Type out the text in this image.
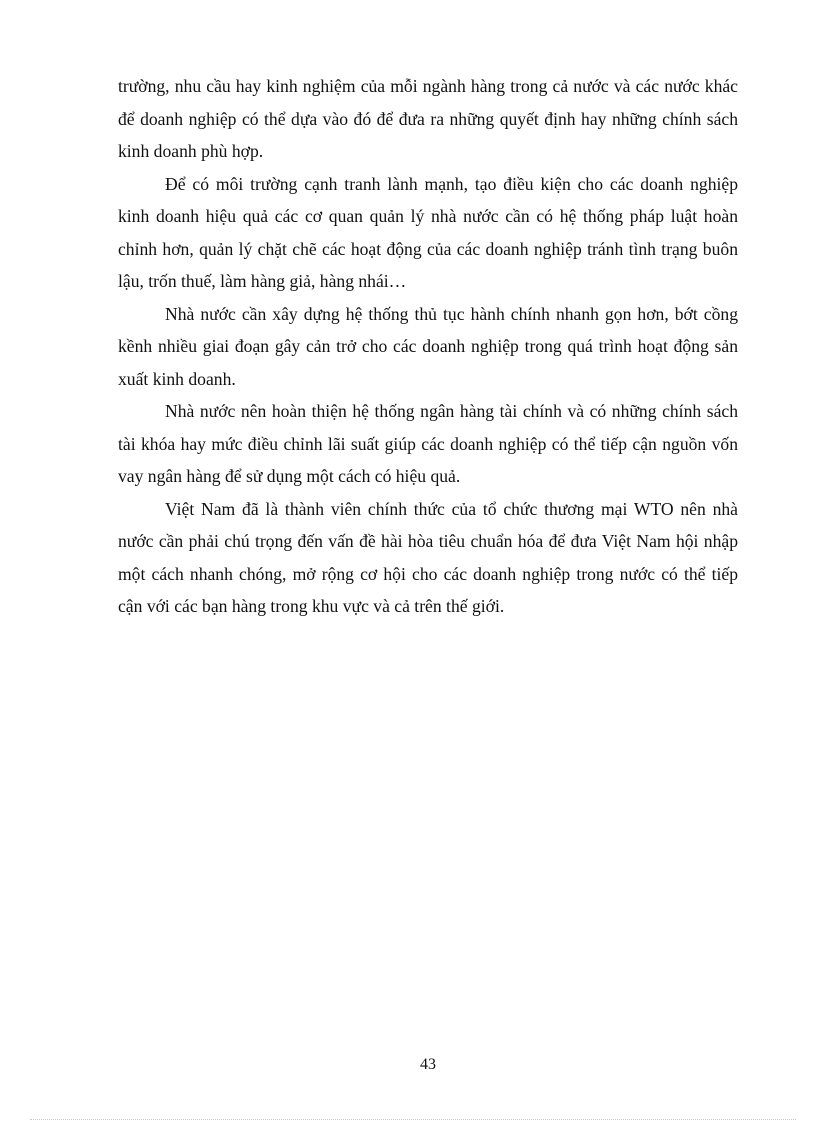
trường, nhu cầu hay kinh nghiệm của mỗi ngành hàng trong cả nước và các nước khác để doanh nghiệp có thể dựa vào đó để đưa ra những quyết định hay những chính sách kinh doanh phù hợp.

Để có môi trường cạnh tranh lành mạnh, tạo điều kiện cho các doanh nghiệp kinh doanh hiệu quả các cơ quan quản lý nhà nước cần có hệ thống pháp luật hoàn chỉnh hơn, quản lý chặt chẽ các hoạt động của các doanh nghiệp tránh tình trạng buôn lậu, trốn thuế, làm hàng giả, hàng nhái…

Nhà nước cần xây dựng hệ thống thủ tục hành chính nhanh gọn hơn, bớt cồng kềnh nhiều giai đoạn gây cản trở cho các doanh nghiệp trong quá trình hoạt động sản xuất kinh doanh.

Nhà nước nên hoàn thiện hệ thống ngân hàng tài chính và có những chính sách tài khóa hay mức điều chỉnh lãi suất giúp các doanh nghiệp có thể tiếp cận nguồn vốn vay ngân hàng để sử dụng một cách có hiệu quả.

Việt Nam đã là thành viên chính thức của tổ chức thương mại WTO nên nhà nước cần phải chú trọng đến vấn đề hài hòa tiêu chuẩn hóa để đưa Việt Nam hội nhập một cách nhanh chóng, mở rộng cơ hội cho các doanh nghiệp trong nước có thể tiếp cận với các bạn hàng trong khu vực và cả trên thế giới.

43
